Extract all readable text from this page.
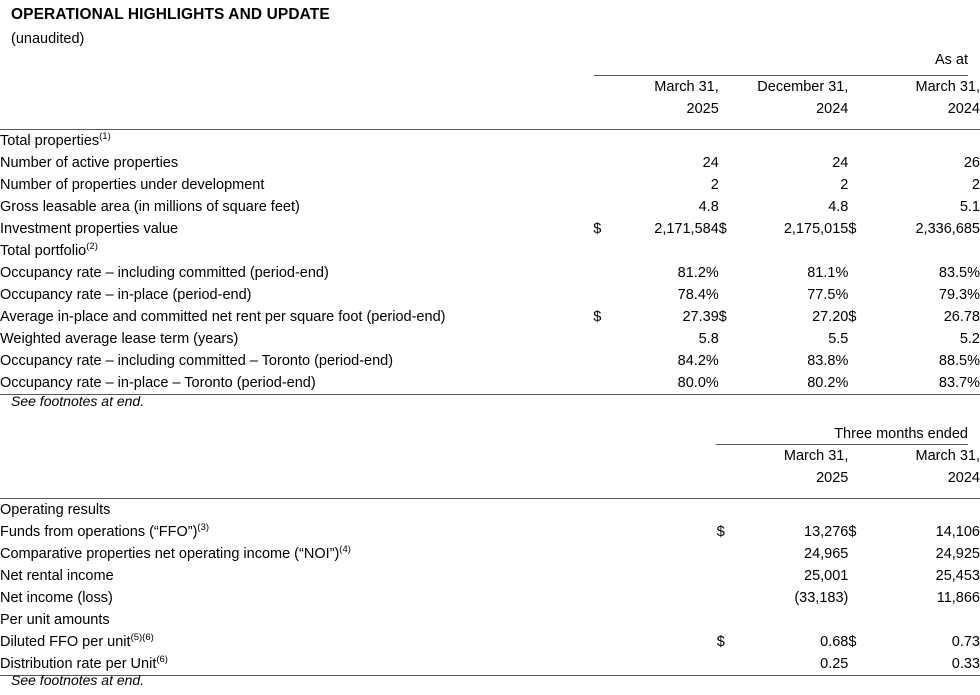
OPERATIONAL HIGHLIGHTS AND UPDATE
(unaudited)
As at
		March 31,		December 31,		March 31,
		2025		2024		2024

Total properties$^{(1)}$						
Number of active properties		24		24		26
Number of properties under development		2		2		2
Gross leasable area (in millions of square feet)		4.8		4.8		5.1
Investment properties value	$	2,171,584	$	2,175,015	$	2,336,685
Total portfolio$^{(2)}$						
Occupancy rate – including committed (period-end)		81.2%		81.1%		83.5%
Occupancy rate – in-place (period-end)		78.4%		77.5%		79.3%
Average in-place and committed net rent per square foot (period-end)	$	27.39	$	27.20	$	26.78
Weighted average lease term (years)		5.8		5.5		5.2
Occupancy rate – including committed – Toronto (period-end)		84.2%		83.8%		88.5%
Occupancy rate – in-place – Toronto (period-end)		80.0%		80.2%		83.7%
See footnotes at end.
Three months ended
		March 31,		March 31,
		2025		2024

Operating results				
Funds from operations (“FFO”)$^{(3)}$	$	13,276	$	14,106
Comparative properties net operating income (“NOI”)$^{(4)}$		24,965		24,925
Net rental income		25,001		25,453
Net income (loss)		(33,183)		11,866
Per unit amounts				
Diluted FFO per unit$^{(5)(6)}$	$	0.68	$	0.73
Distribution rate per Unit$^{(6)}$		0.25		0.33
See footnotes at end.
